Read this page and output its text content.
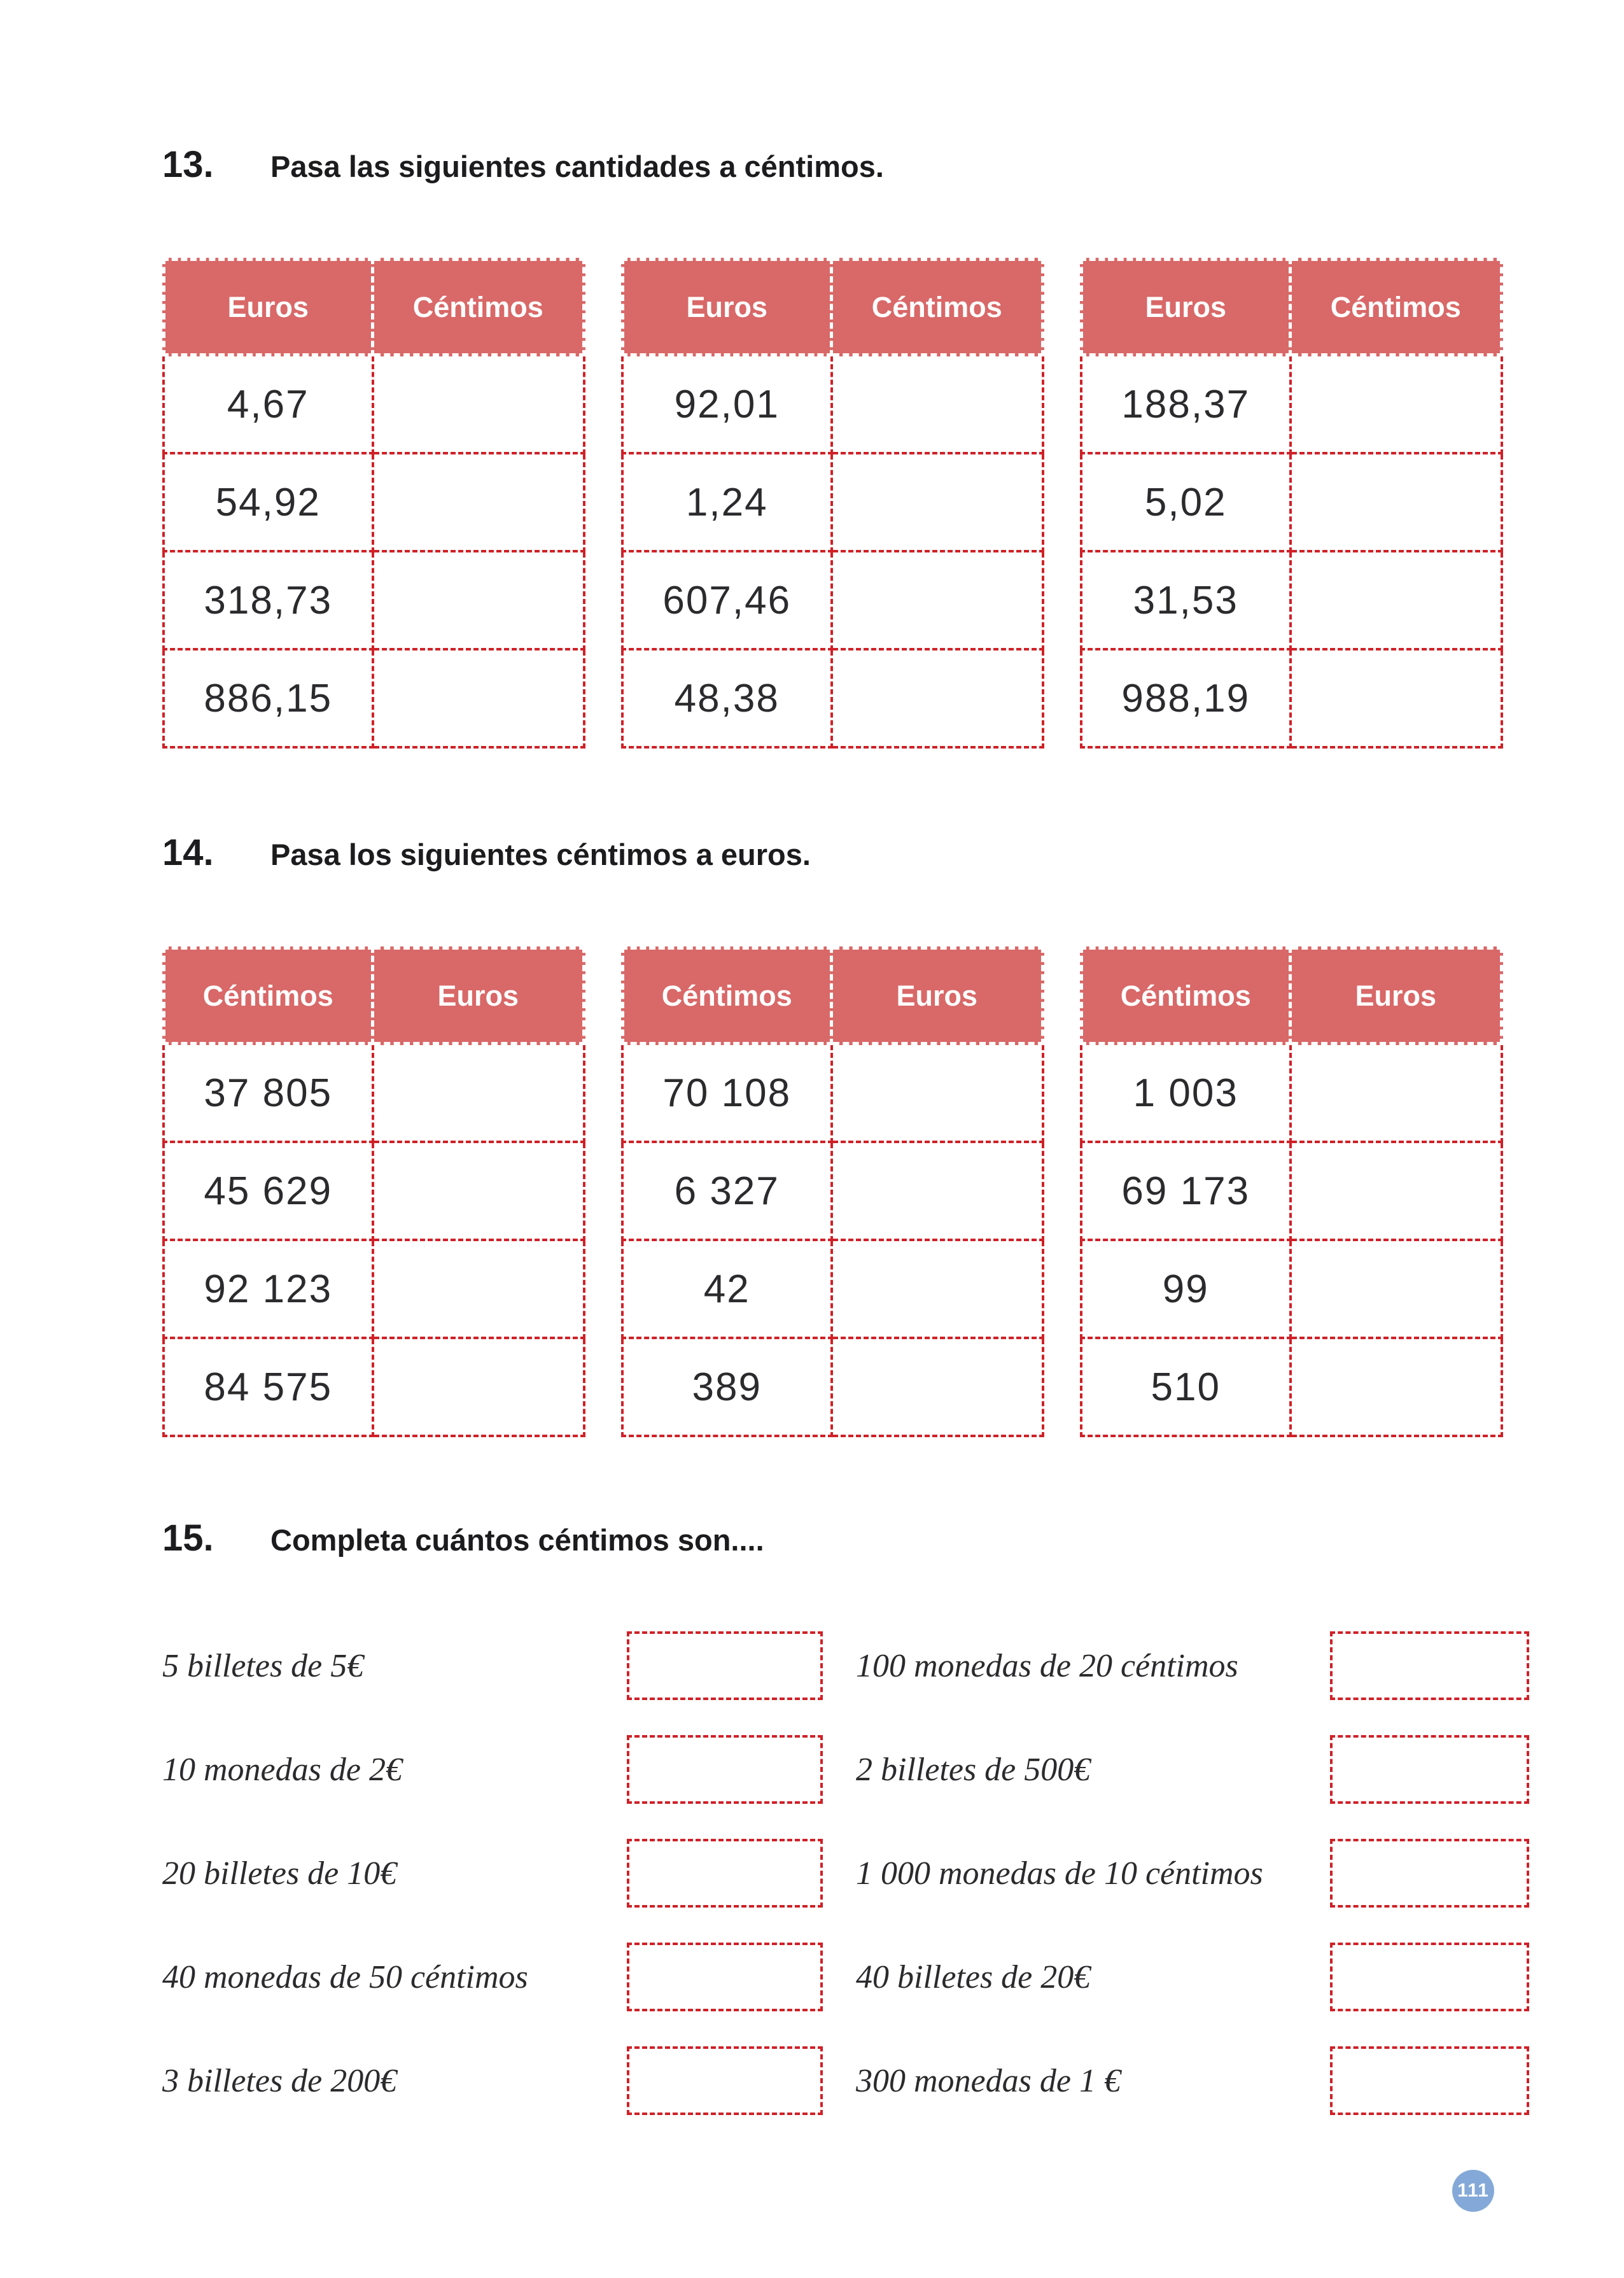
13.	Pasa las siguientes cantidades a céntimos.
Euros	Céntimos
4,67	
54,92	
318,73	
886,15	
Euros	Céntimos
92,01	
1,24	
607,46	
48,38	
Euros	Céntimos
188,37	
5,02	
31,53	
988,19	
14.	Pasa los siguientes céntimos a euros.
Céntimos	Euros
37 805	
45 629	
92 123	
84 575	
Céntimos	Euros
70 108	
6 327	
42	
389	
Céntimos	Euros
1 003	
69 173	
99	
510	
15.	Completa cuántos céntimos son....
5 billetes de 5€	100 monedas de 20 céntimos
10 monedas de 2€	2 billetes de 500€
20 billetes de 10€	1 000 monedas de 10 céntimos
40 monedas de 50 céntimos	40 billetes de 20€
3 billetes de 200€	300 monedas de 1 €
111
